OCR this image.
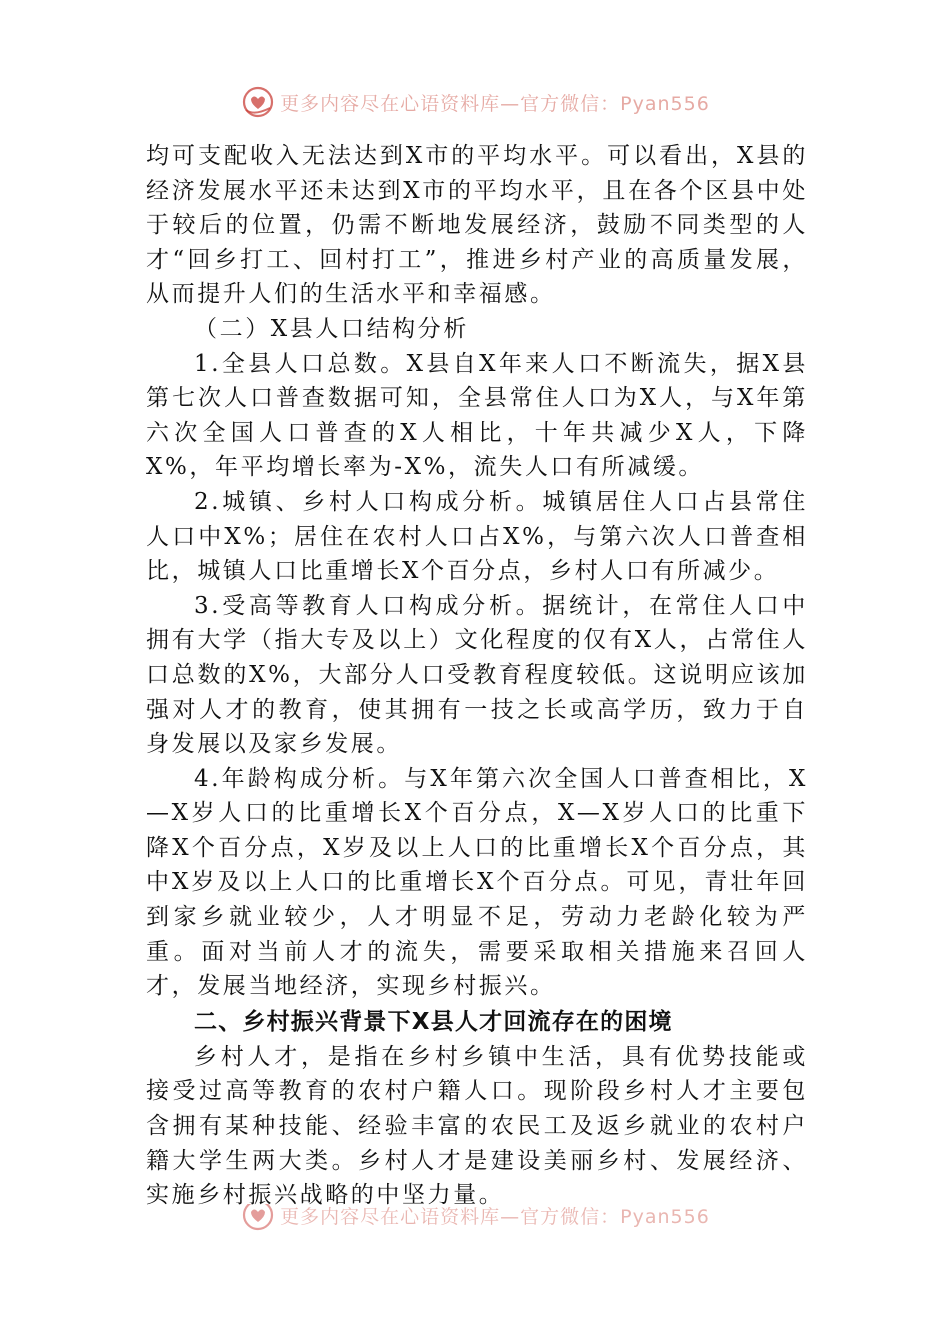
更多内容尽在心语资料库—官方微信：Pyan556

均可支配收入无法达到X市的平均水平。可以看出，X县的经济发展水平还未达到X市的平均水平，且在各个区县中处于较后的位置，仍需不断地发展经济，鼓励不同类型的人才“回乡打工、回村打工”，推进乡村产业的高质量发展，从而提升人们的生活水平和幸福感。

（二）X县人口结构分析

1.全县人口总数。X县自X年来人口不断流失，据X县第七次人口普查数据可知，全县常住人口为X人，与X年第六次全国人口普查的X人相比，十年共减少X人，下降X%，年平均增长率为-X%，流失人口有所减缓。

2.城镇、乡村人口构成分析。城镇居住人口占县常住人口中X%；居住在农村人口占X%，与第六次人口普查相比，城镇人口比重增长X个百分点，乡村人口有所减少。

3.受高等教育人口构成分析。据统计，在常住人口中拥有大学（指大专及以上）文化程度的仅有X人，占常住人口总数的X%，大部分人口受教育程度较低。这说明应该加强对人才的教育，使其拥有一技之长或高学历，致力于自身发展以及家乡发展。

4.年龄构成分析。与X年第六次全国人口普查相比，X—X岁人口的比重增长X个百分点，X—X岁人口的比重下降X个百分点，X岁及以上人口的比重增长X个百分点，其中X岁及以上人口的比重增长X个百分点。可见，青壮年回到家乡就业较少，人才明显不足，劳动力老龄化较为严重。面对当前人才的流失，需要采取相关措施来召回人才，发展当地经济，实现乡村振兴。

二、乡村振兴背景下X县人才回流存在的困境

乡村人才，是指在乡村乡镇中生活，具有优势技能或接受过高等教育的农村户籍人口。现阶段乡村人才主要包含拥有某种技能、经验丰富的农民工及返乡就业的农村户籍大学生两大类。乡村人才是建设美丽乡村、发展经济、实施乡村振兴战略的中坚力量。

更多内容尽在心语资料库—官方微信：Pyan556
